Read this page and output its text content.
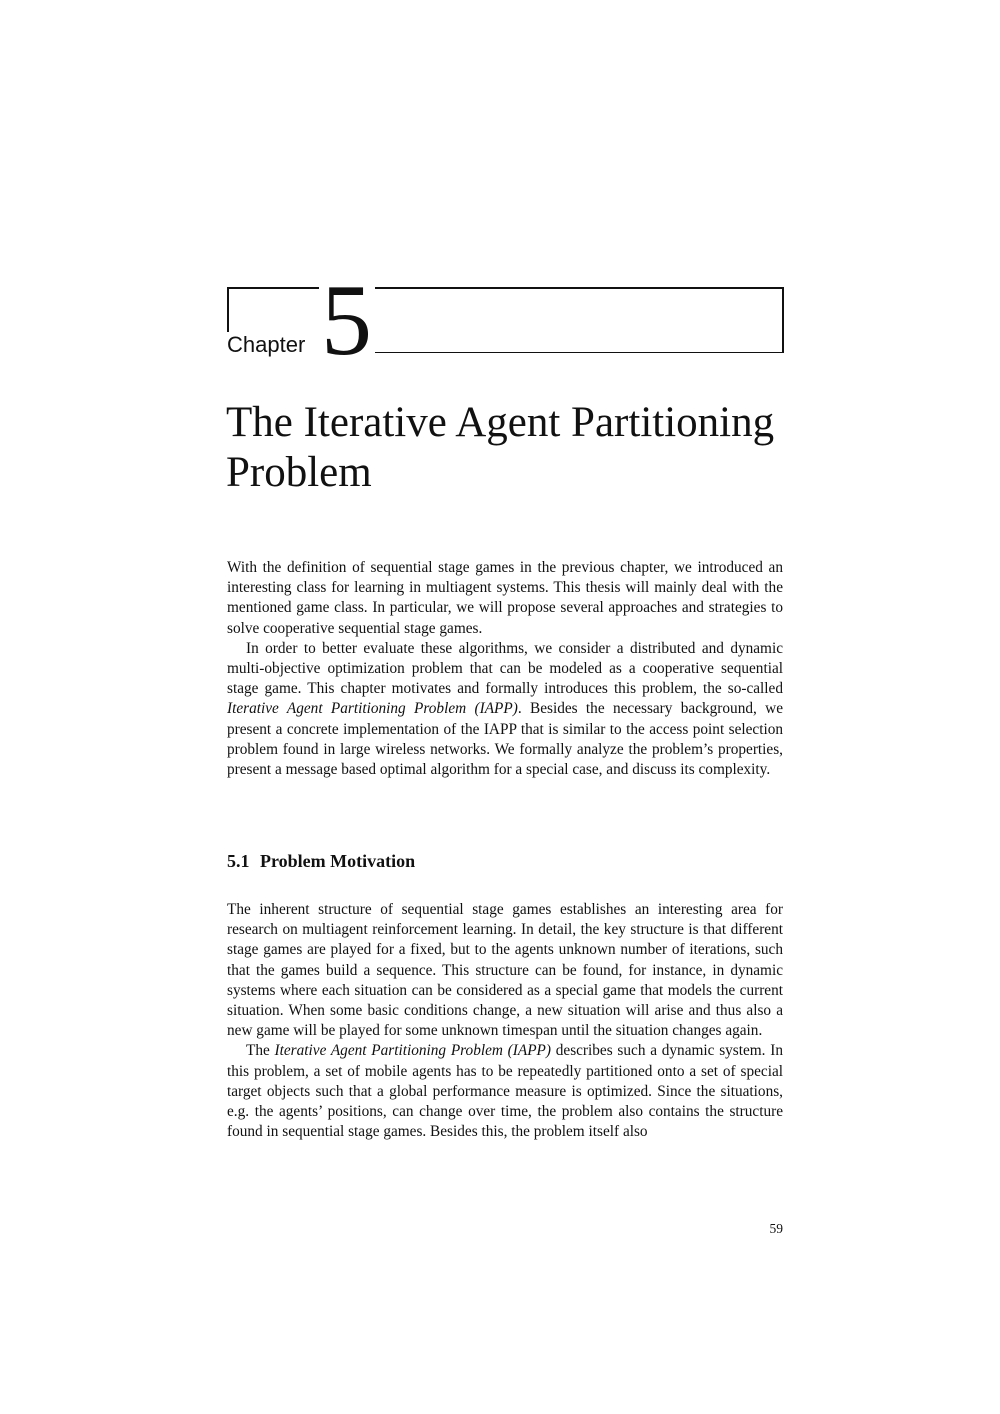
Chapter 5
The Iterative Agent Partitioning Problem

With the definition of sequential stage games in the previous chapter, we introduced an interesting class for learning in multiagent systems. This thesis will mainly deal with the mentioned game class. In particular, we will propose several approaches and strategies to solve cooperative sequential stage games.

In order to better evaluate these algorithms, we consider a distributed and dynamic multi-objective optimization problem that can be modeled as a cooperative sequential stage game. This chapter motivates and formally introduces this problem, the so-called Iterative Agent Partitioning Problem (IAPP). Besides the necessary background, we present a concrete implementation of the IAPP that is similar to the access point selection problem found in large wireless networks. We formally analyze the problem’s properties, present a message based optimal algorithm for a special case, and discuss its complexity.

5.1 Problem Motivation

The inherent structure of sequential stage games establishes an interesting area for research on multiagent reinforcement learning. In detail, the key structure is that different stage games are played for a fixed, but to the agents unknown number of iterations, such that the games build a sequence. This structure can be found, for instance, in dynamic systems where each situation can be considered as a special game that models the current situation. When some basic conditions change, a new situation will arise and thus also a new game will be played for some unknown timespan until the situation changes again.

The Iterative Agent Partitioning Problem (IAPP) describes such a dynamic system. In this problem, a set of mobile agents has to be repeatedly partitioned onto a set of special target objects such that a global performance measure is optimized. Since the situations, e.g. the agents’ positions, can change over time, the problem also contains the structure found in sequential stage games. Besides this, the problem itself also

59
